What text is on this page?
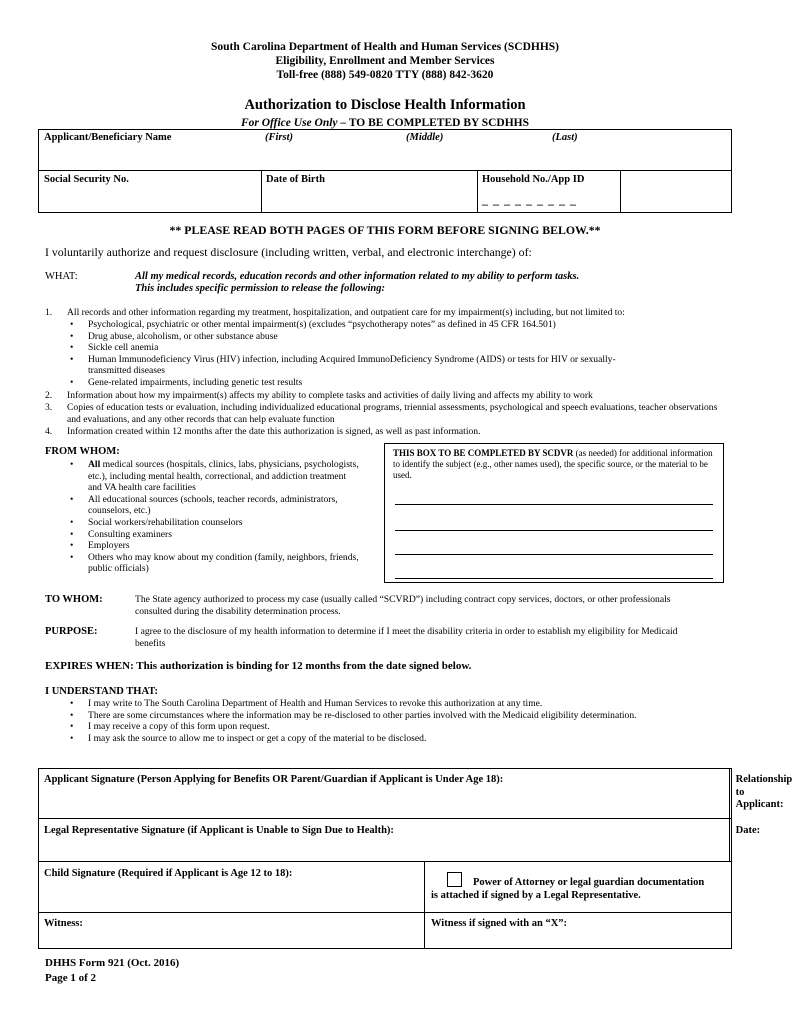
South Carolina Department of Health and Human Services (SCDHHS)
Eligibility, Enrollment and Member Services
Toll-free (888) 549-0820 TTY (888) 842-3620
Authorization to Disclose Health Information
For Office Use Only – TO BE COMPLETED BY SCDHHS
Applicant/Beneficiary Name	(First)	(Middle)	(Last)

Social Security No.	Date of Birth	Household No./App ID
_ _ _ _ _ _ _ _ _

** PLEASE READ BOTH PAGES OF THIS FORM BEFORE SIGNING BELOW.**
I voluntarily authorize and request disclosure (including written, verbal, and electronic interchange) of:
WHAT:	All my medical records, education records and other information related to my ability to perform tasks.
This includes specific permission to release the following:
1. All records and other information regarding my treatment, hospitalization, and outpatient care for my impairment(s) including, but not limited to:
• Psychological, psychiatric or other mental impairment(s) (excludes “psychotherapy notes” as defined in 45 CFR 164.501)
• Drug abuse, alcoholism, or other substance abuse
• Sickle cell anemia
• Human Immunodeficiency Virus (HIV) infection, including Acquired ImmunoDeficiency Syndrome (AIDS) or tests for HIV or sexually-transmitted diseases
• Gene-related impairments, including genetic test results
2. Information about how my impairment(s) affects my ability to complete tasks and activities of daily living and affects my ability to work
3. Copies of education tests or evaluation, including individualized educational programs, triennial assessments, psychological and speech evaluations, teacher observations and evaluations, and any other records that can help evaluate function
4. Information created within 12 months after the date this authorization is signed, as well as past information.
FROM WHOM:
• All medical sources (hospitals, clinics, labs, physicians, psychologists, etc.), including mental health, correctional, and addiction treatment and VA health care facilities
• All educational sources (schools, teacher records, administrators, counselors, etc.)
• Social workers/rehabilitation counselors
• Consulting examiners
• Employers
• Others who may know about my condition (family, neighbors, friends, public officials)
THIS BOX TO BE COMPLETED BY SCDVR (as needed) for additional information to identify the subject (e.g., other names used), the specific source, or the material to be used.
TO WHOM:	The State agency authorized to process my case (usually called “SCVRD”) including contract copy services, doctors, or other professionals consulted during the disability determination process.
PURPOSE:	I agree to the disclosure of my health information to determine if I meet the disability criteria in order to establish my eligibility for Medicaid benefits
EXPIRES WHEN: This authorization is binding for 12 months from the date signed below.
I UNDERSTAND THAT:
• I may write to The South Carolina Department of Health and Human Services to revoke this authorization at any time.
• There are some circumstances where the information may be re-disclosed to other parties involved with the Medicaid eligibility determination.
• I may receive a copy of this form upon request.
• I may ask the source to allow me to inspect or get a copy of the material to be disclosed.
Applicant Signature (Person Applying for Benefits OR Parent/Guardian if Applicant is Under Age 18):		Relationship to Applicant:

Legal Representative Signature (if Applicant is Unable to Sign Due to Health):		Date:

Child Signature (Required if Applicant is Age 12 to 18):	Power of Attorney or legal guardian documentation
is attached if signed by a Legal Representative.	

Witness:	Witness if signed with an “X”:	
DHHS Form 921 (Oct. 2016)
Page 1 of 2
